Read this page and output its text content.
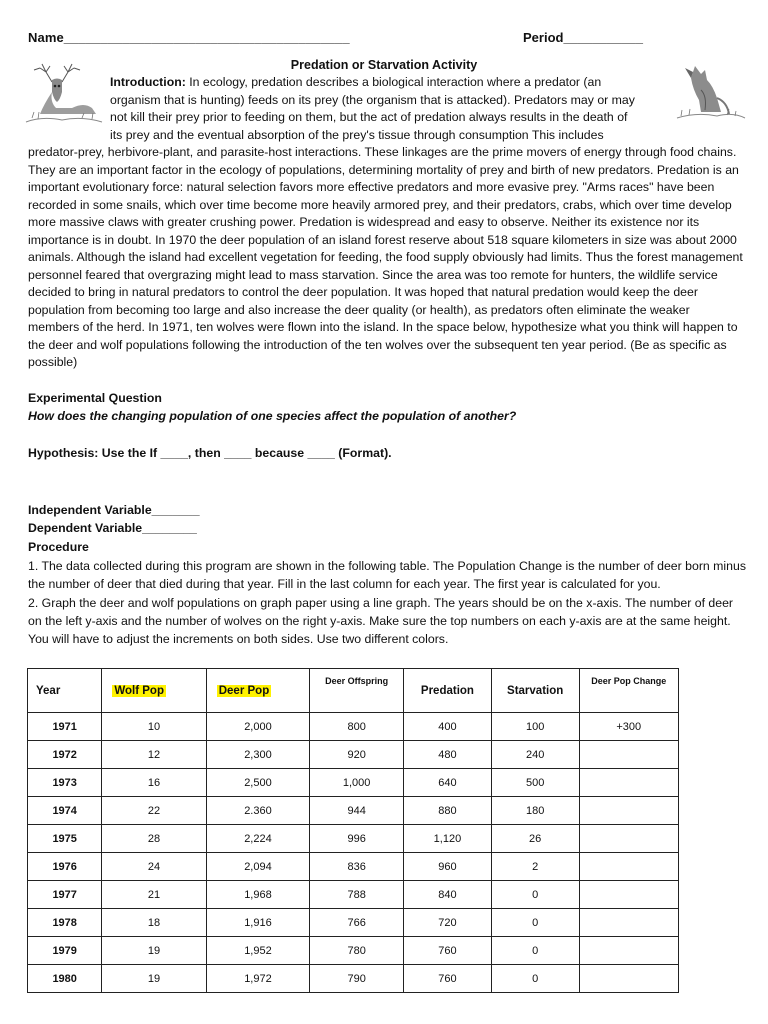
Name_______________________________________	Period___________
Predation or Starvation Activity
Introduction: In ecology, predation describes a biological interaction where a predator (an
organism that is hunting) feeds on its prey (the organism that is attacked). Predators may or may
not kill their prey prior to feeding on them, but the act of predation always results in the death of
its prey and the eventual absorption of the prey's tissue through consumption This includes
predator-prey, herbivore-plant, and parasite-host interactions. These linkages are the prime movers of energy through food chains. They are an important factor in the ecology of populations, determining mortality of prey and birth of new predators. Predation is an important evolutionary force: natural selection favors more effective predators and more evasive prey. "Arms races" have been recorded in some snails, which over time become more heavily armored prey, and their predators, crabs, which over time develop more massive claws with greater crushing power. Predation is widespread and easy to observe. Neither its existence nor its importance is in doubt. In 1970 the deer population of an island forest reserve about 518 square kilometers in size was about 2000 animals. Although the island had excellent vegetation for feeding, the food supply obviously had limits. Thus the forest management personnel feared that overgrazing might lead to mass starvation. Since the area was too remote for hunters, the wildlife service decided to bring in natural predators to control the deer population. It was hoped that natural predation would keep the deer population from becoming too large and also increase the deer quality (or health), as predators often eliminate the weaker members of the herd. In 1971, ten wolves were flown into the island. In the space below, hypothesize what you think will happen to the deer and wolf populations following the introduction of the ten wolves over the subsequent ten year period. (Be as specific as possible)
Experimental Question
How does the changing population of one species affect the population of another?
Hypothesis: Use the If ____, then ____ because ____ (Format).
Independent Variable_______
Dependent Variable________
Procedure
1. The data collected during this program are shown in the following table. The Population Change is the number of deer born minus the number of deer that died during that year. Fill in the last column for each year. The first year is calculated for you.
2. Graph the deer and wolf populations on graph paper using a line graph. The years should be on the x-axis. The number of deer on the left y-axis and the number of wolves on the right y-axis. Make sure the top numbers on each y-axis are at the same height. You will have to adjust the increments on both sides. Use two different colors.
Year	Wolf Pop	Deer Pop	Deer Offspring	Predation	Starvation	Deer Pop Change
1971	10	2,000	800	400	100	+300
1972	12	2,300	920	480	240	
1973	16	2,500	1,000	640	500	
1974	22	2.360	944	880	180	
1975	28	2,224	996	1,120	26	
1976	24	2,094	836	960	2	
1977	21	1,968	788	840	0	
1978	18	1,916	766	720	0	
1979	19	1,952	780	760	0	
1980	19	1,972	790	760	0	
